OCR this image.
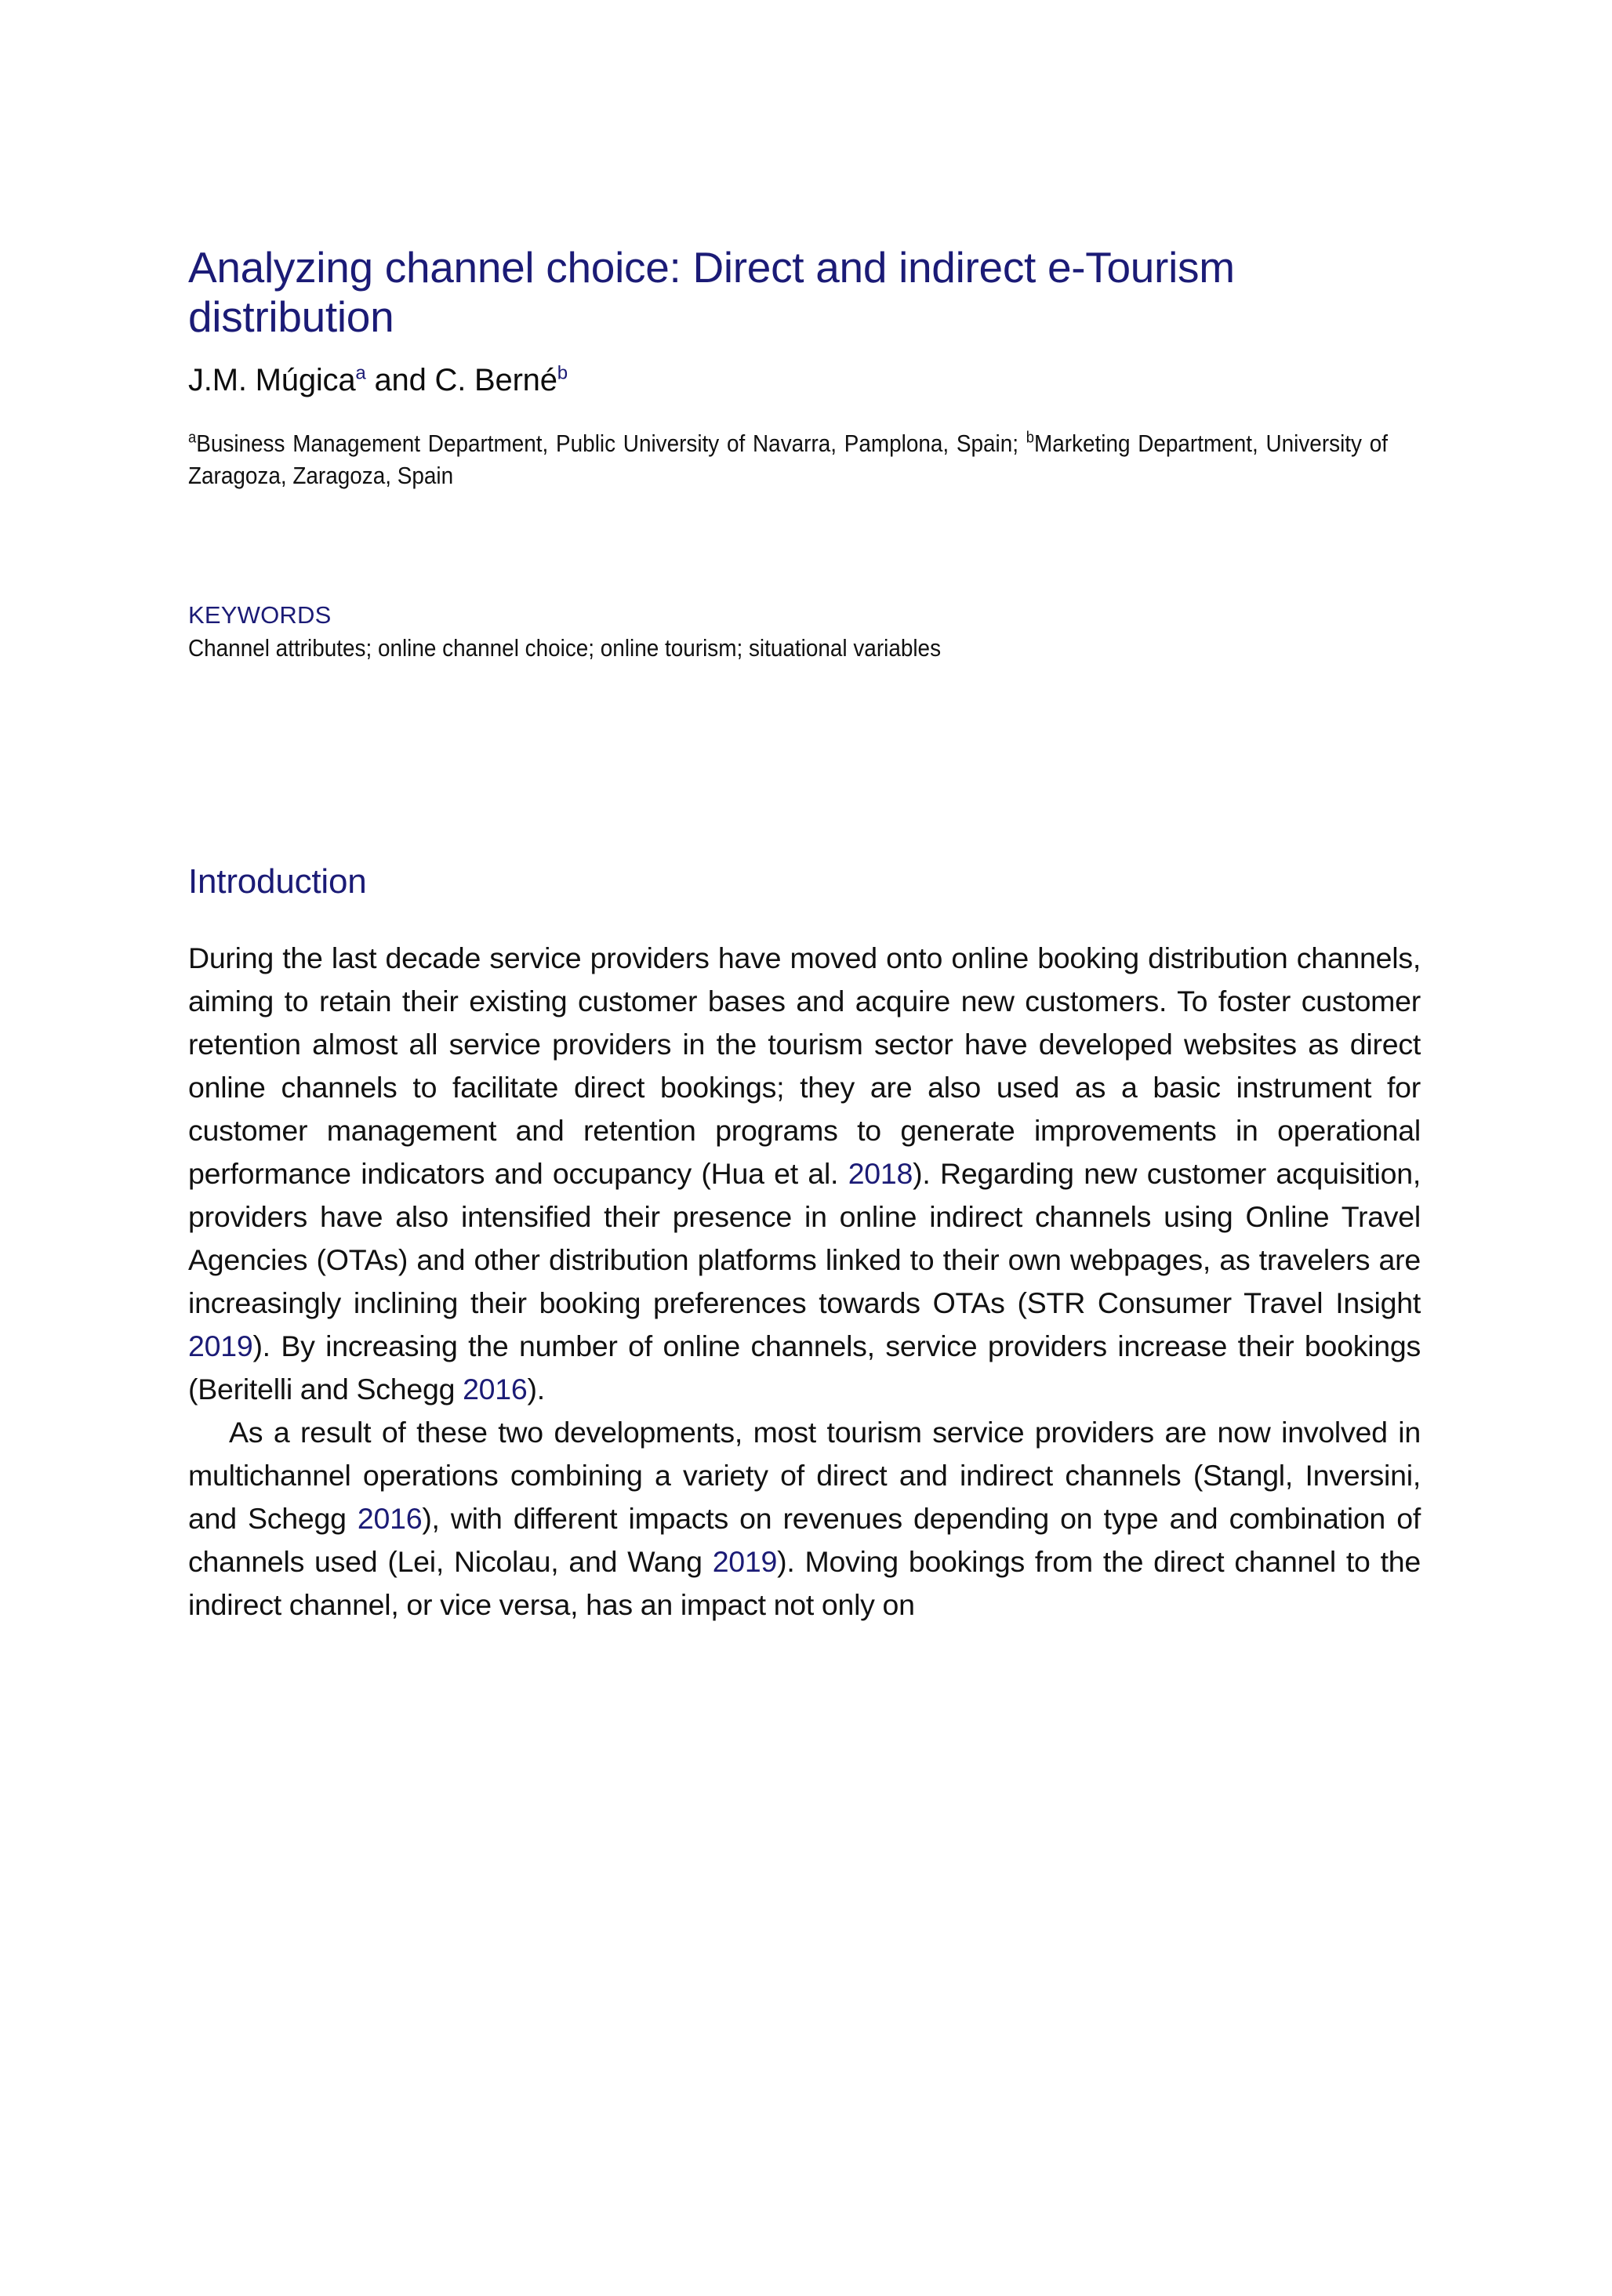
Analyzing channel choice: Direct and indirect e-Tourism distribution

J.M. Múgica$^a$ and C. Berné$^b$

$^a$Business Management Department, Public University of Navarra, Pamplona, Spain; $^b$Marketing Department, University of Zaragoza, Zaragoza, Spain

KEYWORDS

Channel attributes; online channel choice; online tourism; situational variables

Introduction

During the last decade service providers have moved onto online booking distribution channels, aiming to retain their existing customer bases and acquire new customers. To foster customer retention almost all service providers in the tourism sector have developed websites as direct online channels to facilitate direct bookings; they are also used as a basic instrument for customer management and retention programs to generate improvements in operational performance indicators and occupancy (Hua et al. 2018). Regarding new customer acquisition, providers have also intensified their presence in online indirect channels using Online Travel Agencies (OTAs) and other distribution platforms linked to their own webpages, as travelers are increasingly inclining their booking preferences towards OTAs (STR Consumer Travel Insight 2019). By increasing the number of online channels, service providers increase their bookings (Beritelli and Schegg 2016).

As a result of these two developments, most tourism service providers are now involved in multichannel operations combining a variety of direct and indirect channels (Stangl, Inversini, and Schegg 2016), with different impacts on revenues depending on type and combination of channels used (Lei, Nicolau, and Wang 2019). Moving bookings from the direct channel to the indirect channel, or vice versa, has an impact not only on
